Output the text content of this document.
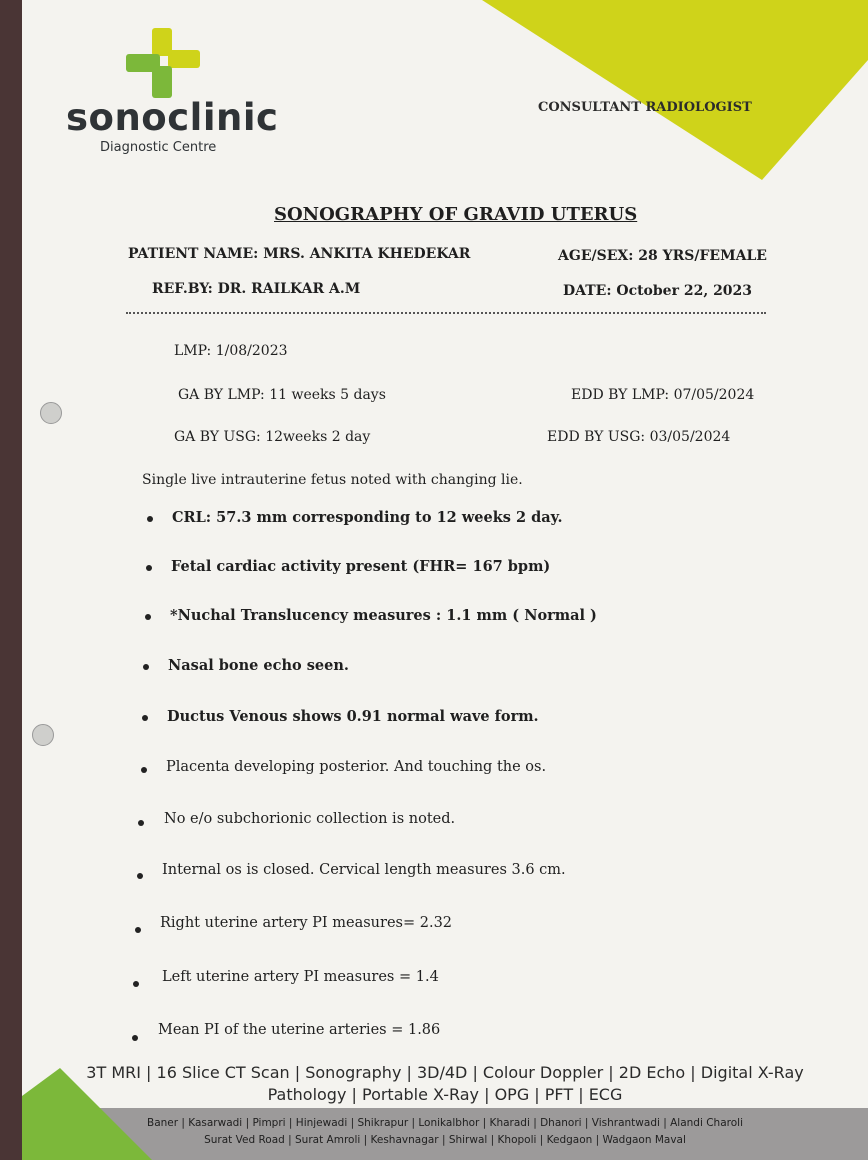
sonoclinic
Diagnostic Centre
CONSULTANT RADIOLOGIST
SONOGRAPHY OF GRAVID UTERUS
PATIENT NAME: MRS. ANKITA KHEDEKAR	AGE/SEX: 28 YRS/FEMALE
REF.BY: DR. RAILKAR A.M	DATE: October 22, 2023
LMP: 1/08/2023
GA BY LMP: 11 weeks 5 days	EDD BY LMP: 07/05/2024
GA BY USG: 12weeks 2 day	EDD BY USG: 03/05/2024
Single live intrauterine fetus noted with changing lie.
CRL: 57.3 mm corresponding to 12 weeks 2 day.
Fetal cardiac activity present (FHR= 167 bpm)
*Nuchal Translucency measures : 1.1 mm ( Normal )
Nasal bone echo seen.
Ductus Venous shows 0.91 normal wave form.
Placenta developing posterior. And touching the os.
No e/o subchorionic collection is noted.
Internal os is closed. Cervical length measures 3.6 cm.
Right uterine artery PI measures= 2.32
Left uterine artery PI measures = 1.4
Mean PI of the uterine arteries = 1.86
3T MRI | 16 Slice CT Scan | Sonography | 3D/4D | Colour Doppler | 2D Echo | Digital X-Ray
Pathology | Portable X-Ray | OPG | PFT | ECG
Baner | Kasarwadi | Pimpri | Hinjewadi | Shikrapur | Lonikalbhor | Kharadi | Dhanori | Vishrantwadi | Alandi Charoli
Surat Ved Road | Surat Amroli | Keshavnagar | Shirwal | Khopoli | Kedgaon | Wadgaon Maval
